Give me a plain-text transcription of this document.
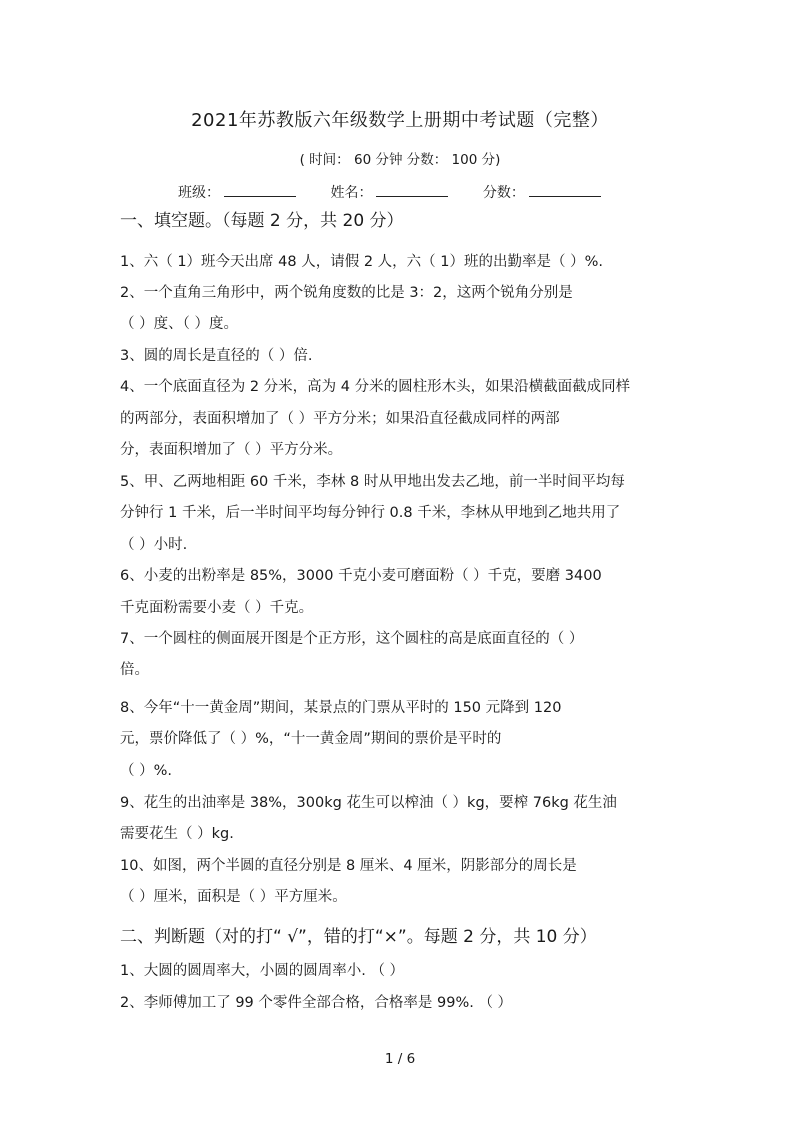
2021年苏教版六年级数学上册期中考试题（完整）
( 时间： 60 分钟 分数： 100 分)
班级：	姓名：	分数：
一、填空题。（每题 2 分，共 20 分）
1、六（ 1）班今天出席 48 人，请假 2 人，六（ 1）班的出勤率是（ ）%.
2、一个直角三角形中，两个锐角度数的比是 3：2，这两个锐角分别是
（ ）度、（ ）度。
3、圆的周长是直径的（ ）倍.
4、一个底面直径为 2 分米，高为 4 分米的圆柱形木头，如果沿横截面截成同样
的两部分，表面积增加了（ ）平方分米；如果沿直径截成同样的两部
分，表面积增加了（ ）平方分米。
5、甲、乙两地相距 60 千米，李林 8 时从甲地出发去乙地，前一半时间平均每
分钟行 1 千米，后一半时间平均每分钟行 0.8 千米，李林从甲地到乙地共用了
（ ）小时.
6、小麦的出粉率是 85%，3000 千克小麦可磨面粉（ ）千克，要磨 3400
千克面粉需要小麦（ ）千克。
7、一个圆柱的侧面展开图是个正方形，这个圆柱的高是底面直径的（ ）
倍。
8、今年“十一黄金周”期间，某景点的门票从平时的 150 元降到 120
元，票价降低了（ ）%，“十一黄金周”期间的票价是平时的
（ ）%.
9、花生的出油率是 38%，300kg 花生可以榨油（ ）kg，要榨 76kg 花生油
需要花生（ ）kg.
10、如图，两个半圆的直径分别是 8 厘米、4 厘米，阴影部分的周长是
（ ）厘米，面积是（ ）平方厘米。
二、判断题（对的打“ √”，错的打“×”。每题 2 分，共 10 分）
1、大圆的圆周率大，小圆的圆周率小. （ ）
2、李师傅加工了 99 个零件全部合格，合格率是 99%. （ ）
1 / 6
